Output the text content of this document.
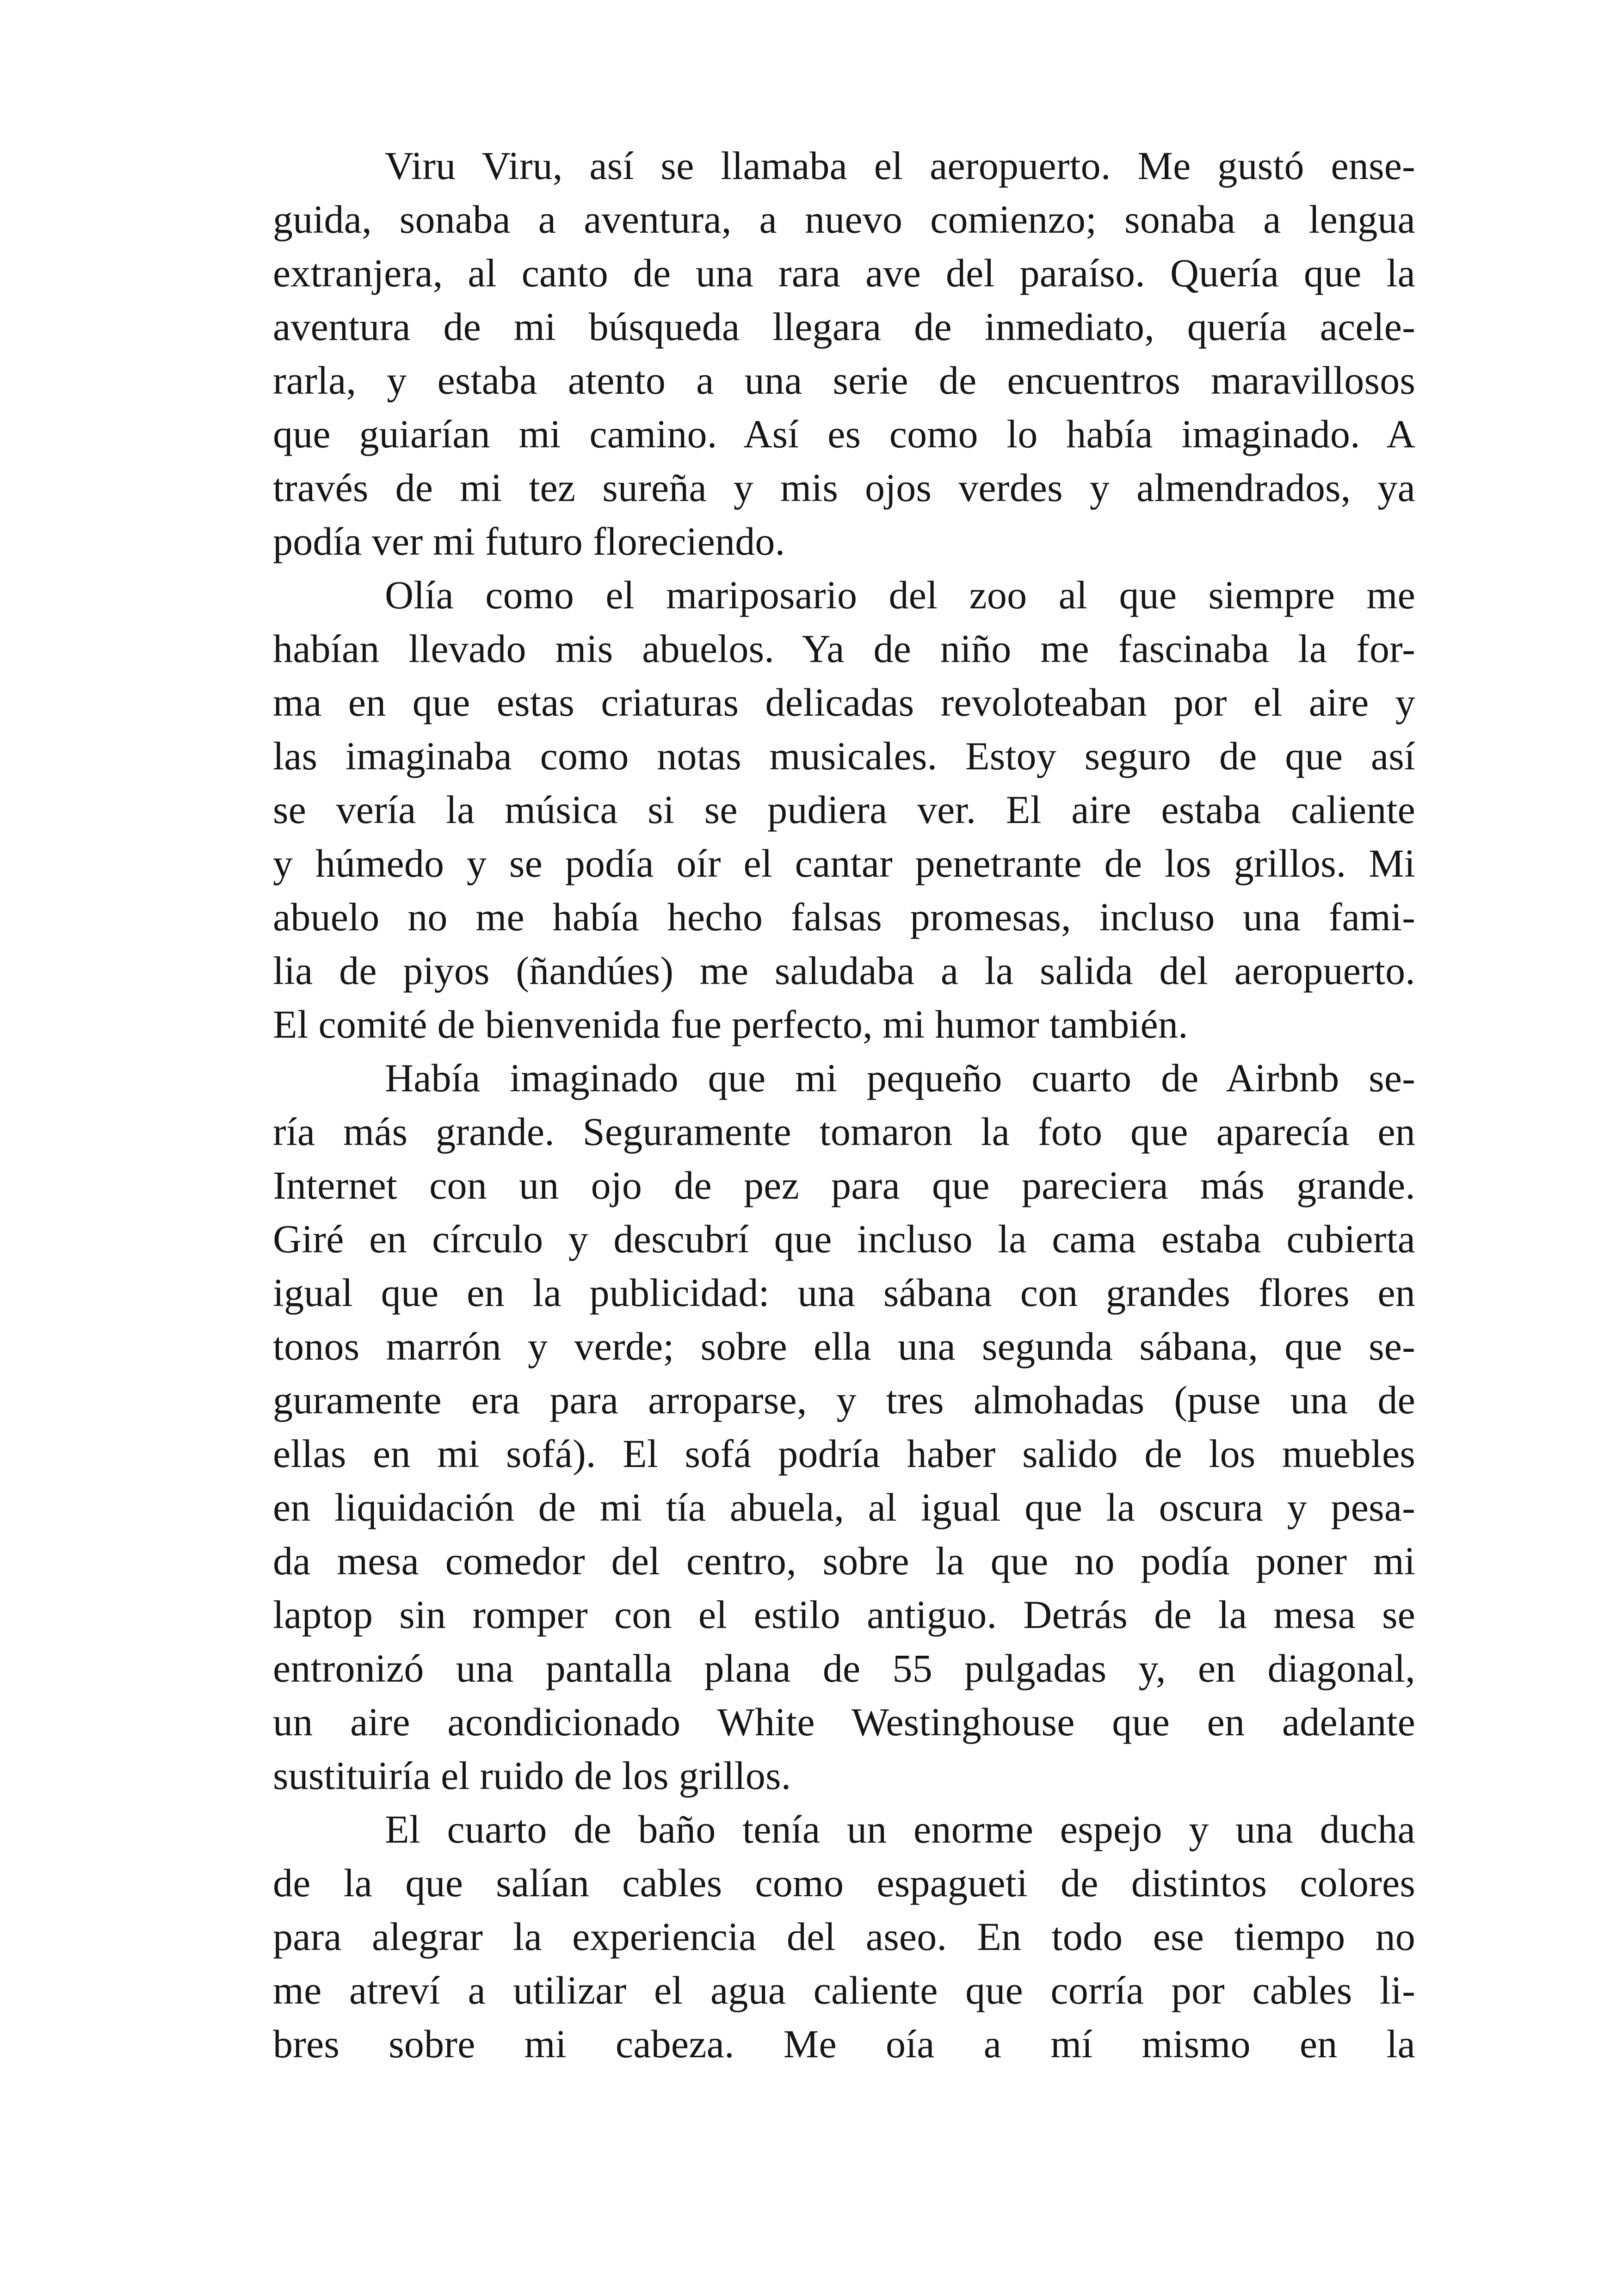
Viru Viru, así se llamaba el aeropuerto. Me gustó ense-
guida, sonaba a aventura, a nuevo comienzo; sonaba a lengua
extranjera, al canto de una rara ave del paraíso. Quería que la
aventura de mi búsqueda llegara de inmediato, quería acele-
rarla, y estaba atento a una serie de encuentros maravillosos
que guiarían mi camino. Así es como lo había imaginado. A
través de mi tez sureña y mis ojos verdes y almendrados, ya
podía ver mi futuro floreciendo.
Olía como el mariposario del zoo al que siempre me
habían llevado mis abuelos. Ya de niño me fascinaba la for-
ma en que estas criaturas delicadas revoloteaban por el aire y
las imaginaba como notas musicales. Estoy seguro de que así
se vería la música si se pudiera ver. El aire estaba caliente
y húmedo y se podía oír el cantar penetrante de los grillos. Mi
abuelo no me había hecho falsas promesas, incluso una fami-
lia de piyos (ñandúes) me saludaba a la salida del aeropuerto.
El comité de bienvenida fue perfecto, mi humor también.
Había imaginado que mi pequeño cuarto de Airbnb se-
ría más grande. Seguramente tomaron la foto que aparecía en
Internet con un ojo de pez para que pareciera más grande.
Giré en círculo y descubrí que incluso la cama estaba cubierta
igual que en la publicidad: una sábana con grandes flores en
tonos marrón y verde; sobre ella una segunda sábana, que se-
guramente era para arroparse, y tres almohadas (puse una de
ellas en mi sofá). El sofá podría haber salido de los muebles
en liquidación de mi tía abuela, al igual que la oscura y pesa-
da mesa comedor del centro, sobre la que no podía poner mi
laptop sin romper con el estilo antiguo. Detrás de la mesa se
entronizó una pantalla plana de 55 pulgadas y, en diagonal,
un aire acondicionado White Westinghouse que en adelante
sustituiría el ruido de los grillos.
El cuarto de baño tenía un enorme espejo y una ducha
de la que salían cables como espagueti de distintos colores
para alegrar la experiencia del aseo. En todo ese tiempo no
me atreví a utilizar el agua caliente que corría por cables li-
bres sobre mi cabeza. Me oía a mí mismo en la
